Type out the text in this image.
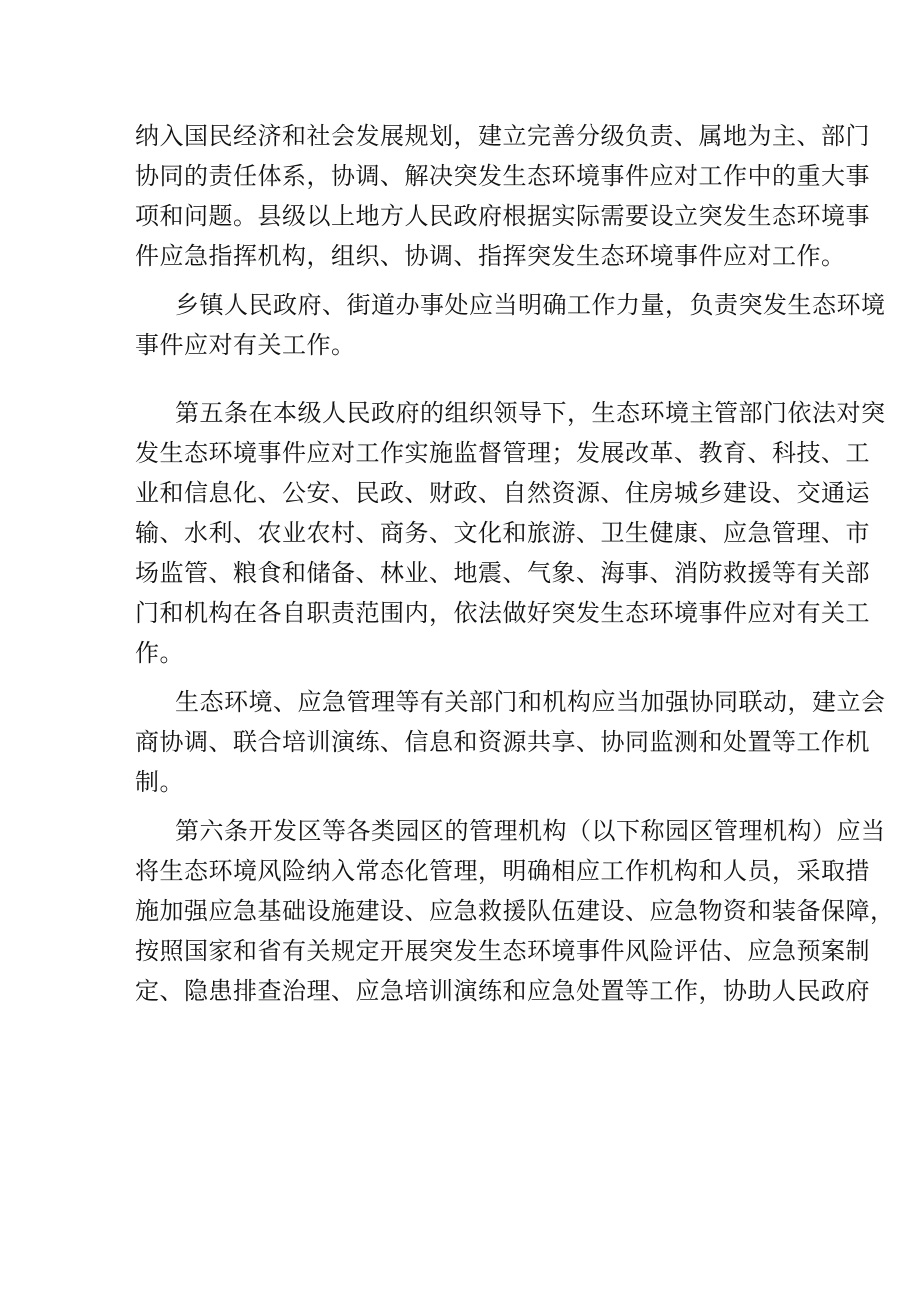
纳入国民经济和社会发展规划，建立完善分级负责、属地为主、部门
协同的责任体系，协调、解决突发生态环境事件应对工作中的重大事
项和问题。县级以上地方人民政府根据实际需要设立突发生态环境事
件应急指挥机构，组织、协调、指挥突发生态环境事件应对工作。
乡镇人民政府、街道办事处应当明确工作力量，负责突发生态环境
事件应对有关工作。
第五条在本级人民政府的组织领导下，生态环境主管部门依法对突
发生态环境事件应对工作实施监督管理；发展改革、教育、科技、工
业和信息化、公安、民政、财政、自然资源、住房城乡建设、交通运
输、水利、农业农村、商务、文化和旅游、卫生健康、应急管理、市
场监管、粮食和储备、林业、地震、气象、海事、消防救援等有关部
门和机构在各自职责范围内，依法做好突发生态环境事件应对有关工
作。
生态环境、应急管理等有关部门和机构应当加强协同联动，建立会
商协调、联合培训演练、信息和资源共享、协同监测和处置等工作机
制。
第六条开发区等各类园区的管理机构（以下称园区管理机构）应当
将生态环境风险纳入常态化管理，明确相应工作机构和人员，采取措
施加强应急基础设施建设、应急救援队伍建设、应急物资和装备保障，
按照国家和省有关规定开展突发生态环境事件风险评估、应急预案制
定、隐患排查治理、应急培训演练和应急处置等工作，协助人民政府
